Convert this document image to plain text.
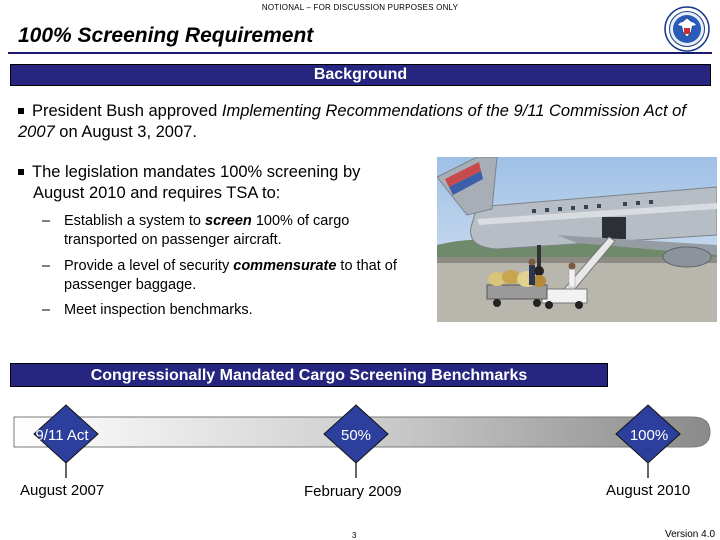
NOTIONAL – FOR DISCUSSION PURPOSES ONLY
100% Screening Requirement
Background
President Bush approved Implementing Recommendations of the 9/11 Commission Act of 2007 on August 3, 2007.
The legislation mandates 100% screening by
August 2010 and requires TSA to:
– Establish a system to screen 100% of cargo
transported on passenger aircraft.
– Provide a level of security commensurate to that of
passenger baggage.
– Meet inspection benchmarks.
Congressionally Mandated Cargo Screening Benchmarks
9/11 Act	50%	100%
August 2007	February 2009	August 2010
3	Version 4.0
